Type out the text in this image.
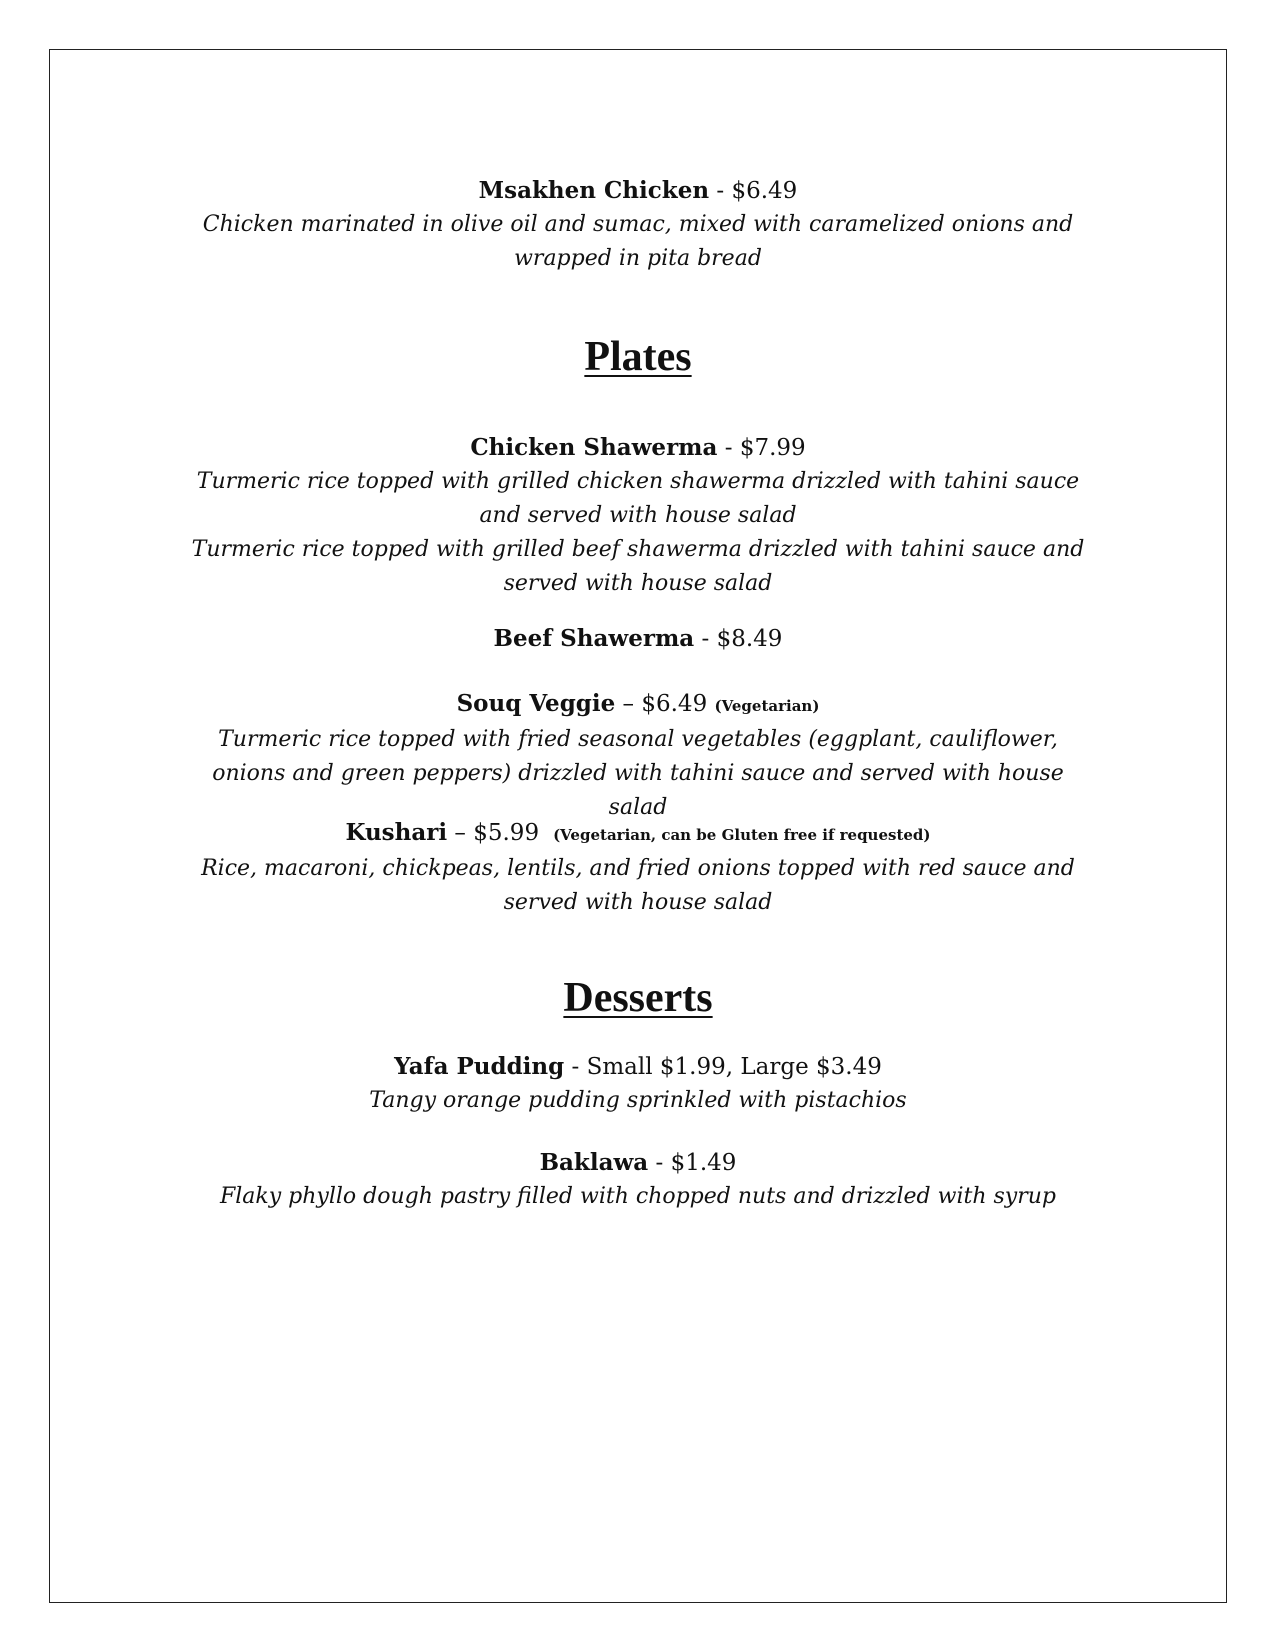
Msakhen Chicken - $6.49
Chicken marinated in olive oil and sumac, mixed with caramelized onions and wrapped in pita bread
Plates
Chicken Shawerma - $7.99
Turmeric rice topped with grilled chicken shawerma drizzled with tahini sauce and served with house salad
Turmeric rice topped with grilled beef shawerma drizzled with tahini sauce and served with house salad
Beef Shawerma - $8.49
Souq Veggie – $6.49 (Vegetarian)
Turmeric rice topped with fried seasonal vegetables (eggplant, cauliflower, onions and green peppers) drizzled with tahini sauce and served with house salad
Kushari – $5.99 (Vegetarian, can be Gluten free if requested)
Rice, macaroni, chickpeas, lentils, and fried onions topped with red sauce and served with house salad
Desserts
Yafa Pudding - Small $1.99, Large $3.49
Tangy orange pudding sprinkled with pistachios
Baklawa - $1.49
Flaky phyllo dough pastry filled with chopped nuts and drizzled with syrup
